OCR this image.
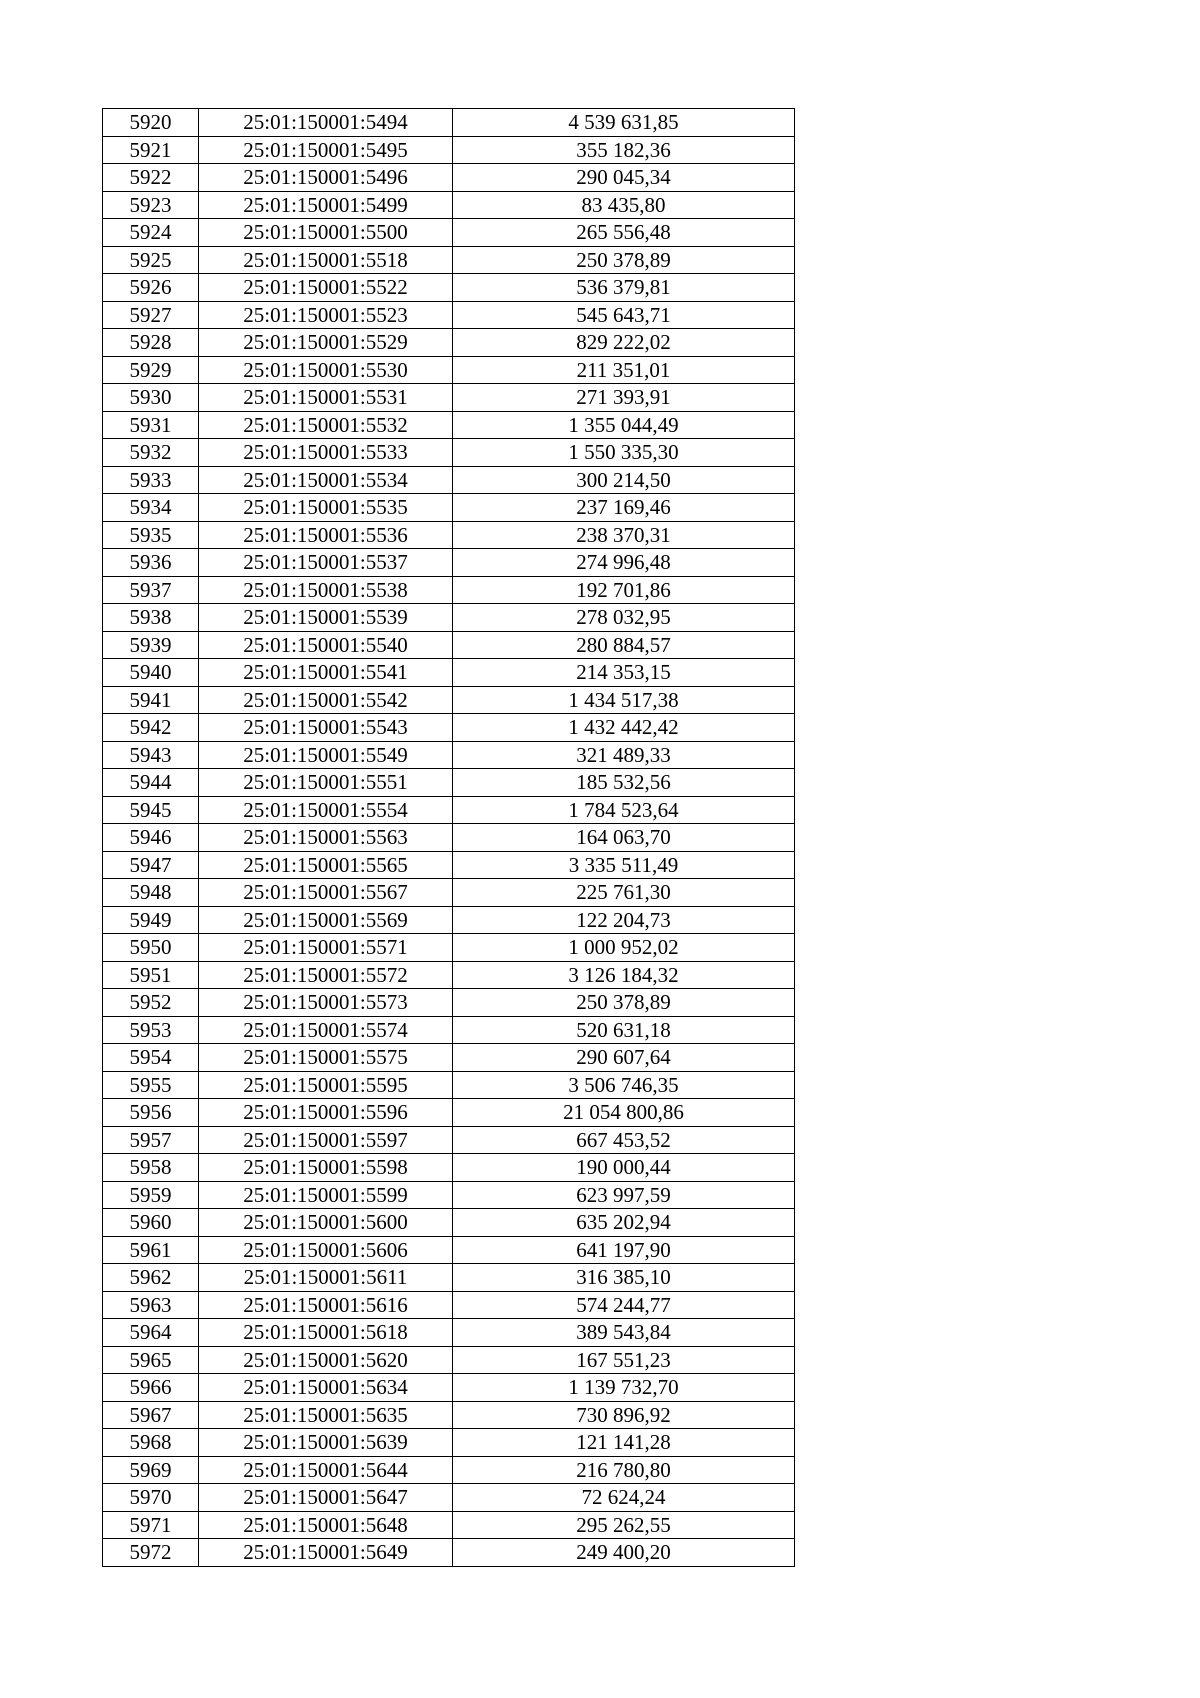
5920	25:01:150001:5494	4 539 631,85
5921	25:01:150001:5495	355 182,36
5922	25:01:150001:5496	290 045,34
5923	25:01:150001:5499	83 435,80
5924	25:01:150001:5500	265 556,48
5925	25:01:150001:5518	250 378,89
5926	25:01:150001:5522	536 379,81
5927	25:01:150001:5523	545 643,71
5928	25:01:150001:5529	829 222,02
5929	25:01:150001:5530	211 351,01
5930	25:01:150001:5531	271 393,91
5931	25:01:150001:5532	1 355 044,49
5932	25:01:150001:5533	1 550 335,30
5933	25:01:150001:5534	300 214,50
5934	25:01:150001:5535	237 169,46
5935	25:01:150001:5536	238 370,31
5936	25:01:150001:5537	274 996,48
5937	25:01:150001:5538	192 701,86
5938	25:01:150001:5539	278 032,95
5939	25:01:150001:5540	280 884,57
5940	25:01:150001:5541	214 353,15
5941	25:01:150001:5542	1 434 517,38
5942	25:01:150001:5543	1 432 442,42
5943	25:01:150001:5549	321 489,33
5944	25:01:150001:5551	185 532,56
5945	25:01:150001:5554	1 784 523,64
5946	25:01:150001:5563	164 063,70
5947	25:01:150001:5565	3 335 511,49
5948	25:01:150001:5567	225 761,30
5949	25:01:150001:5569	122 204,73
5950	25:01:150001:5571	1 000 952,02
5951	25:01:150001:5572	3 126 184,32
5952	25:01:150001:5573	250 378,89
5953	25:01:150001:5574	520 631,18
5954	25:01:150001:5575	290 607,64
5955	25:01:150001:5595	3 506 746,35
5956	25:01:150001:5596	21 054 800,86
5957	25:01:150001:5597	667 453,52
5958	25:01:150001:5598	190 000,44
5959	25:01:150001:5599	623 997,59
5960	25:01:150001:5600	635 202,94
5961	25:01:150001:5606	641 197,90
5962	25:01:150001:5611	316 385,10
5963	25:01:150001:5616	574 244,77
5964	25:01:150001:5618	389 543,84
5965	25:01:150001:5620	167 551,23
5966	25:01:150001:5634	1 139 732,70
5967	25:01:150001:5635	730 896,92
5968	25:01:150001:5639	121 141,28
5969	25:01:150001:5644	216 780,80
5970	25:01:150001:5647	72 624,24
5971	25:01:150001:5648	295 262,55
5972	25:01:150001:5649	249 400,20
